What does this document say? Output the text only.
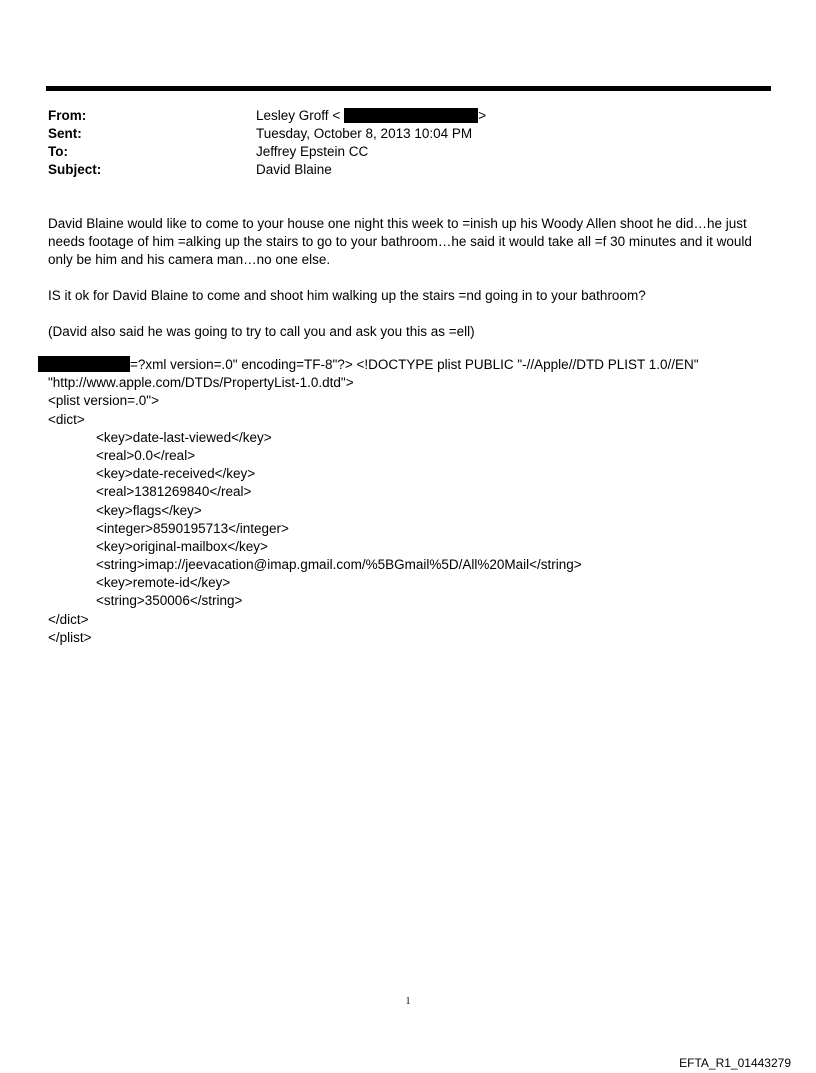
From:	Lesley Groff <	>
Sent:	Tuesday, October 8, 2013 10:04 PM
To:	Jeffrey Epstein CC
Subject:	David Blaine

David Blaine would like to come to your house one night this week to =inish up his Woody Allen shoot he did…he just needs footage of him =alking up the stairs to go to your bathroom…he said it would take all =f 30 minutes and it would only be him and his camera man…no one else.

IS it ok for David Blaine to come and shoot him walking up the stairs =nd going in to your bathroom?

(David also said he was going to try to call you and ask you this as =ell)

=?xml version=.0" encoding=TF-8"?> <!DOCTYPE plist PUBLIC "-//Apple//DTD PLIST 1.0//EN"
"http://www.apple.com/DTDs/PropertyList-1.0.dtd">
<plist version=.0">
<dict>
<key>date-last-viewed</key>
<real>0.0</real>
<key>date-received</key>
<real>1381269840</real>
<key>flags</key>
<integer>8590195713</integer>
<key>original-mailbox</key>
<string>imap://jeevacation@imap.gmail.com/%5BGmail%5D/All%20Mail</string>
<key>remote-id</key>
<string>350006</string>
</dict>
</plist>
1
EFTA_R1_01443279
